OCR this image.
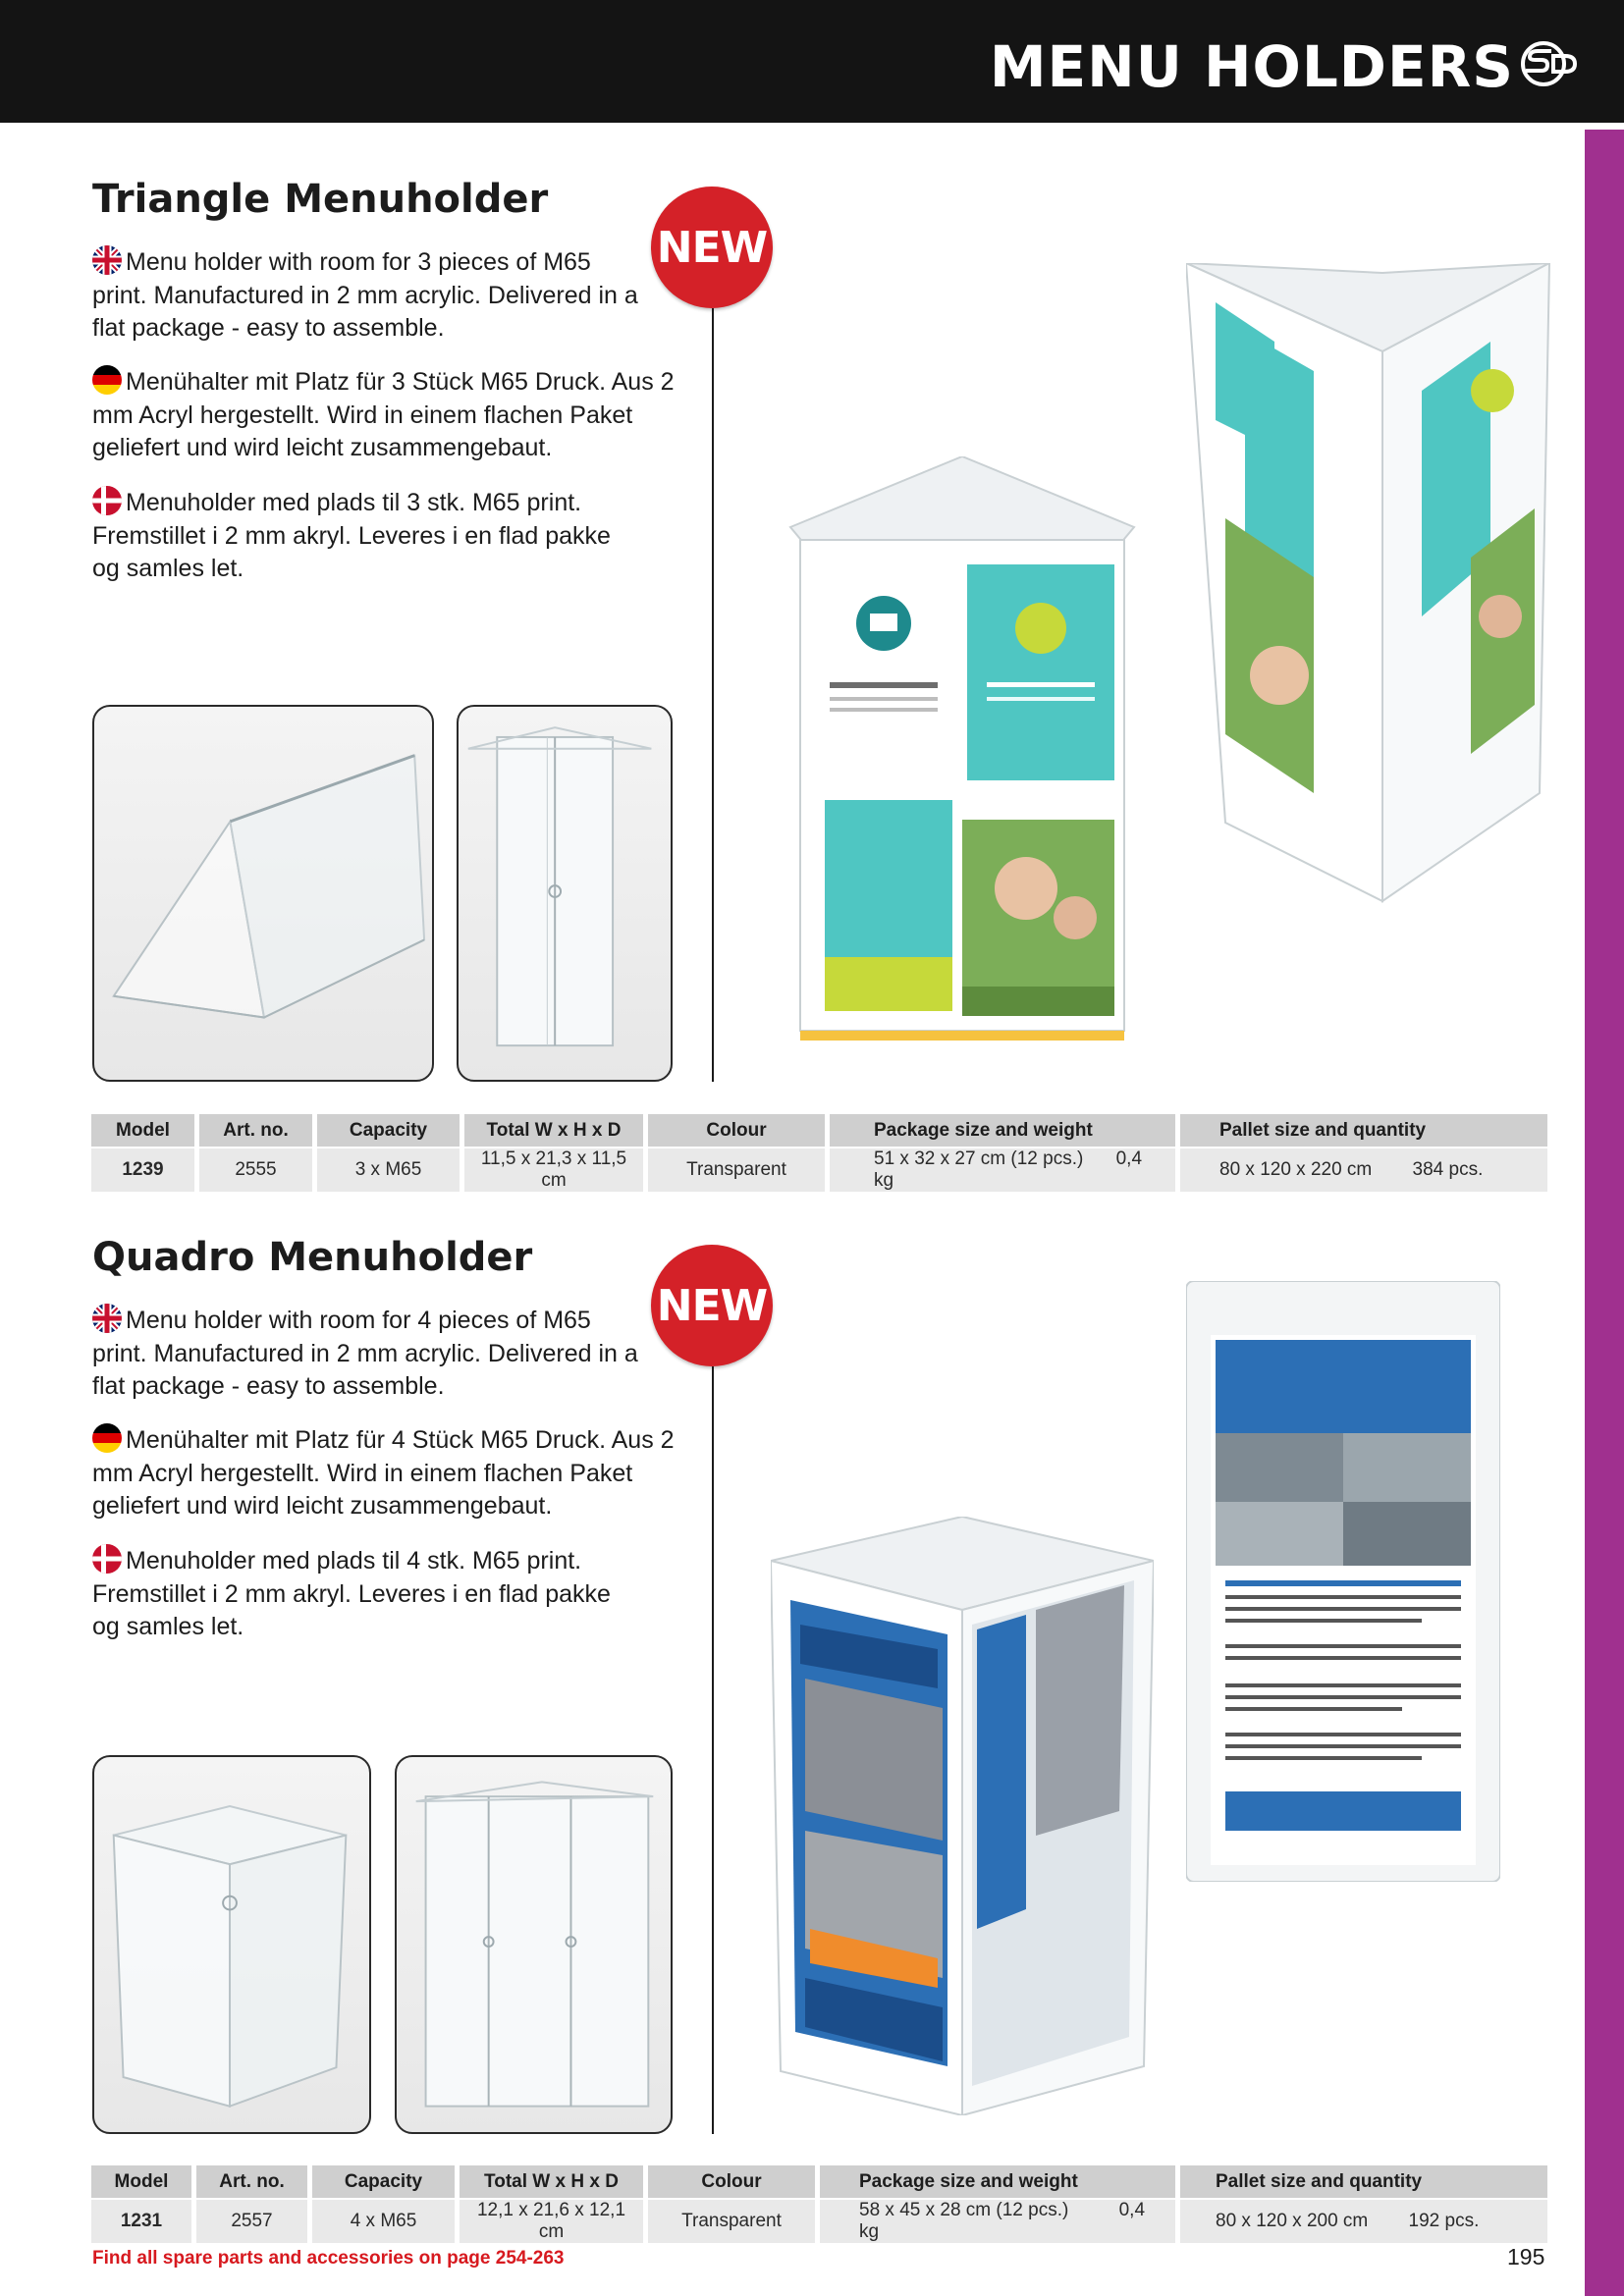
MENU HOLDERS
Triangle Menuholder
Menu holder with room for 3 pieces of M65 print. Manufactured in 2 mm acrylic. Delivered in a flat package - easy to assemble.
Menühalter mit Platz für 3 Stück M65 Druck. Aus 2 mm Acryl hergestellt. Wird in einem flachen Paket geliefert und wird leicht zusammengebaut.
Menuholder med plads til 3 stk. M65 print. Fremstillet i 2 mm akryl. Leveres i en flad pakke og samles let.
NEW
Model	Art. no.	Capacity	Total W x H x D	Colour	Package size and weight	Pallet size and quantity
1239	2555	3 x M65	11,5 x 21,3 x 11,5 cm	Transparent	51 x 32 x 27 cm (12 pcs.) 0,4 kg	80 x 120 x 220 cm 384 pcs.
Quadro Menuholder
Menu holder with room for 4 pieces of M65 print. Manufactured in 2 mm acrylic. Delivered in a flat package - easy to assemble.
Menühalter mit Platz für 4 Stück M65 Druck. Aus 2 mm Acryl hergestellt. Wird in einem flachen Paket geliefert und wird leicht zusammengebaut.
Menuholder med plads til 4 stk. M65 print. Fremstillet i 2 mm akryl. Leveres i en flad pakke og samles let.
NEW
Model	Art. no.	Capacity	Total W x H x D	Colour	Package size and weight	Pallet size and quantity
1231	2557	4 x M65	12,1 x 21,6 x 12,1 cm	Transparent	58 x 45 x 28 cm (12 pcs.) 0,4 kg	80 x 120 x 200 cm 192 pcs.
Find all spare parts and accessories on page 254-263	195
